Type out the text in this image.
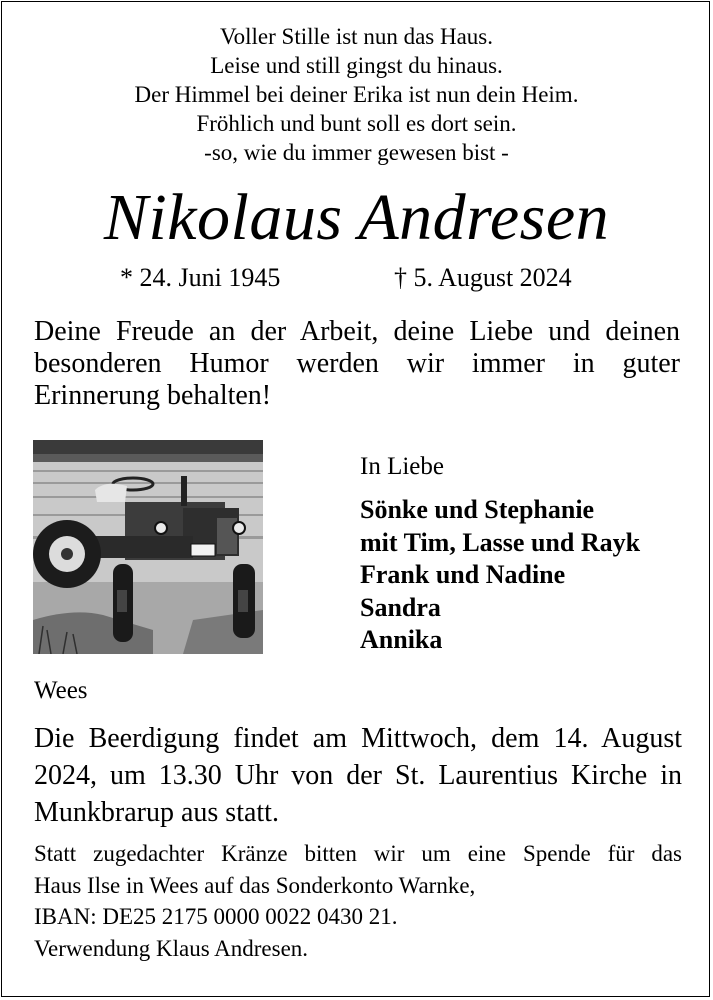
Voller Stille ist nun das Haus.
Leise und still gingst du hinaus.
Der Himmel bei deiner Erika ist nun dein Heim.
Fröhlich und bunt soll es dort sein.
-so, wie du immer gewesen bist -
Nikolaus Andresen
* 24. Juni 1945	† 5. August 2024
Deine Freude an der Arbeit, deine Liebe und deinen besonderen Humor werden wir immer in guter Erinnerung behalten!
In Liebe
Sönke und Stephanie
mit Tim, Lasse und Rayk
Frank und Nadine
Sandra
Annika
Wees
Die Beerdigung findet am Mittwoch, dem 14. August 2024, um 13.30 Uhr von der St. Laurentius Kirche in Munkbrarup aus statt.
Statt zugedachter Kränze bitten wir um eine Spende für das
Haus Ilse in Wees auf das Sonderkonto Warnke,
IBAN: DE25 2175 0000 0022 0430 21.
Verwendung Klaus Andresen.
